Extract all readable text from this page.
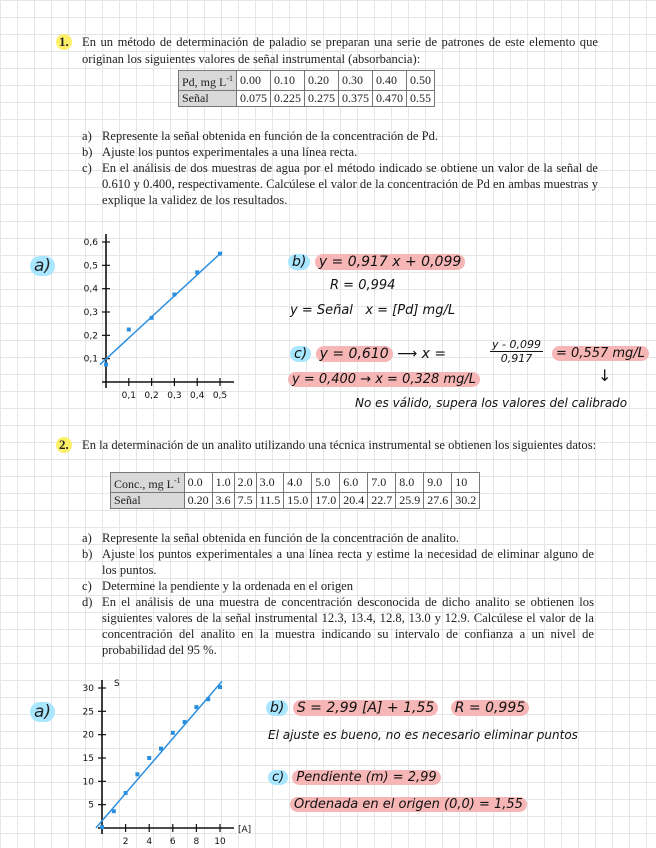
1. En un método de determinación de paladio se preparan una serie de patrones de este elemento que originan los siguientes valores de señal instrumental (absorbancia):
Pd, mg $L^{-1}$	0.00	0.10	0.20	0.30	0.40	0.50
Señal	0.075	0.225	0.275	0.375	0.470	0.55
a) Represente la señal obtenida en función de la concentración de Pd.
b) Ajuste los puntos experimentales a una línea recta.
c) En el análisis de dos muestras de agua por el método indicado se obtiene un valor de la señal de 0.610 y 0.400, respectivamente. Calcúlese el valor de la concentración de Pd en ambas muestras y explique la validez de los resultados.
a)
0,1 0,2 0,3 0,4 0,5
0,1
0,2
0,3
0,4
0,5
0,6
b) y = 0,917 x + 0,099
R = 0,994
y = Señal   x = [Pd] mg/L
c) y = 0,610 ⟶ x =	$\frac{y - 0,099}{0,917}$	= 0,557 mg/L
↓
y = 0,400 → x = 0,328 mg/L
No es válido, supera los valores del calibrado
2. En la determinación de un analito utilizando una técnica instrumental se obtienen los siguientes datos:
Conc., mg $L^{-1}$	0.0	1.0	2.0	3.0	4.0	5.0	6.0	7.0	8.0	9.0	10
Señal	0.20	3.6	7.5	11.5	15.0	17.0	20.4	22.7	25.9	27.6	30.2
a) Represente la señal obtenida en función de la concentración de analito.
b) Ajuste los puntos experimentales a una línea recta y estime la necesidad de eliminar alguno de los puntos.
c) Determine la pendiente y la ordenada en el origen
d) En el análisis de una muestra de concentración desconocida de dicho analito se obtienen los siguientes valores de la señal instrumental 12.3, 13.4, 12.8, 13.0 y 12.9. Calcúlese el valor de la concentración del analito en la muestra indicando su intervalo de confianza a un nivel de probabilidad del 95 %.
a)
2 4 6 8 10
5
10
15
20
25
30
[A]
S
b) S = 2,99 [A] + 1,55 R = 0,995
El ajuste es bueno, no es necesario eliminar puntos
c) Pendiente (m) = 2,99
Ordenada en el origen (0,0) = 1,55
